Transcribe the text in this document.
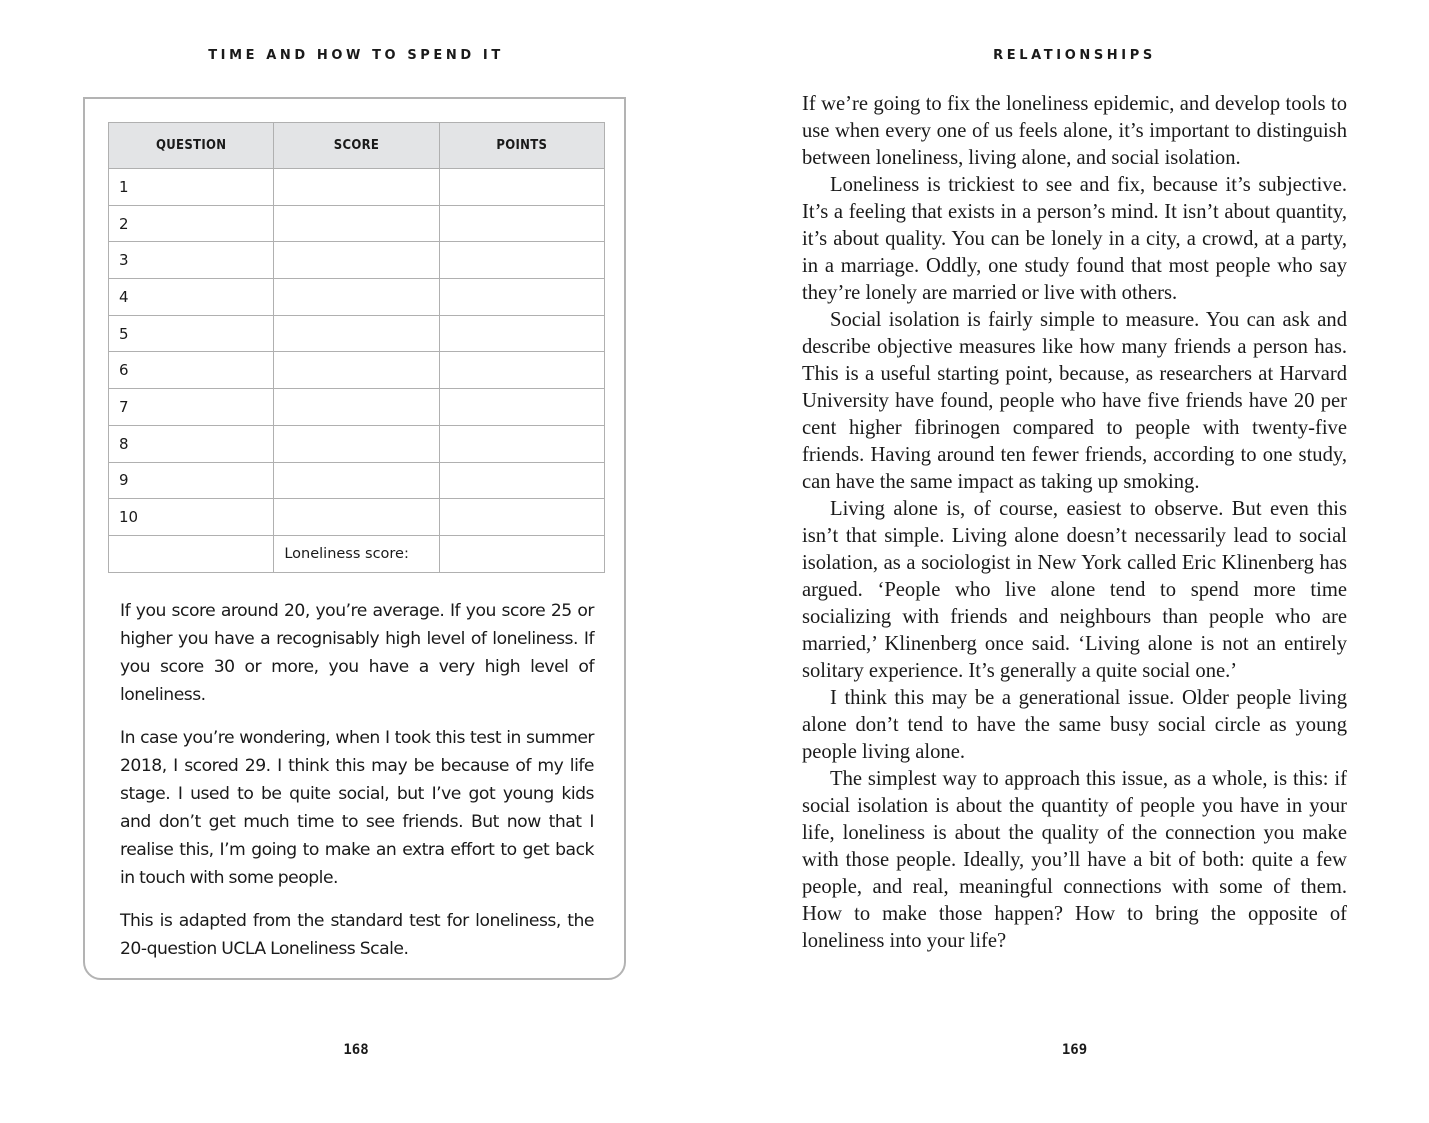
TIME AND HOW TO SPEND IT
QUESTION	SCORE	POINTS
1		
2		
3		
4		
5		
6		
7		
8		
9		
10		
	Loneliness score:	

If you score around 20, you’re average. If you score 25 or higher you have a recognisably high level of loneliness. If you score 30 or more, you have a very high level of loneliness.

In case you’re wondering, when I took this test in summer 2018, I scored 29. I think this may be because of my life stage. I used to be quite social, but I’ve got young kids and don’t get much time to see friends. But now that I realise this, I’m going to make an extra effort to get back in touch with some people.

This is adapted from the standard test for loneliness, the 20-question UCLA Loneliness Scale.

168
RELATIONSHIPS

If we’re going to fix the loneliness epidemic, and develop tools to use when every one of us feels alone, it’s important to distinguish between loneliness, living alone, and social isolation.

Loneliness is trickiest to see and fix, because it’s subjective. It’s a feeling that exists in a person’s mind. It isn’t about quantity, it’s about quality. You can be lonely in a city, a crowd, at a party, in a marriage. Oddly, one study found that most people who say they’re lonely are married or live with others.

Social isolation is fairly simple to measure. You can ask and describe objective measures like how many friends a person has. This is a useful starting point, because, as researchers at Harvard University have found, people who have five friends have 20 per cent higher fibrinogen compared to people with twenty-five friends. Having around ten fewer friends, according to one study, can have the same impact as taking up smoking.

Living alone is, of course, easiest to observe. But even this isn’t that simple. Living alone doesn’t necessarily lead to social isolation, as a sociologist in New York called Eric Klinenberg has argued. ‘People who live alone tend to spend more time socializing with friends and neighbours than people who are married,’ Klinenberg once said. ‘Living alone is not an entirely solitary experience. It’s generally a quite social one.’

I think this may be a generational issue. Older people living alone don’t tend to have the same busy social circle as young people living alone.

The simplest way to approach this issue, as a whole, is this: if social isolation is about the quantity of people you have in your life, loneliness is about the quality of the connection you make with those people. Ideally, you’ll have a bit of both: quite a few people, and real, meaningful connections with some of them. How to make those happen? How to bring the opposite of loneliness into your life?

169
